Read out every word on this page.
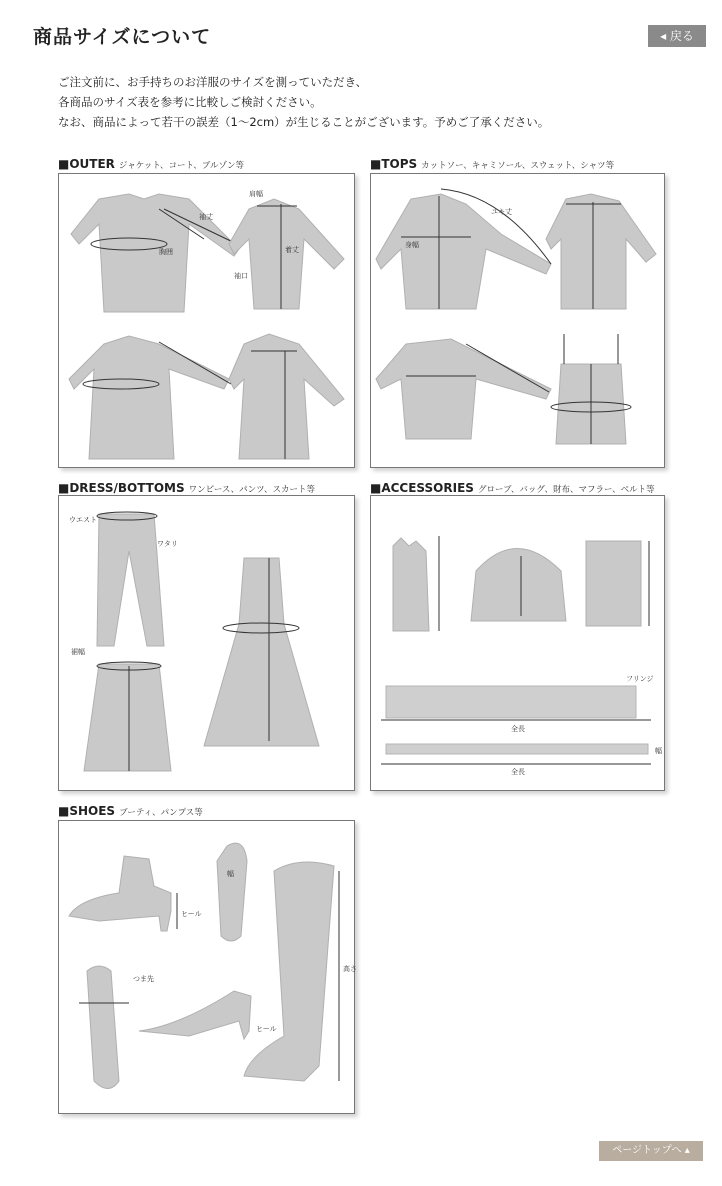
商品サイズについて	◂ 戻る
ご注文前に、お手持ちのお洋服のサイズを測っていただき、
各商品のサイズ表を参考に比較しご検討ください。
なお、商品によって若干の誤差（1〜2cm）が生じることがございます。予めご了承ください。
■OUTER ジャケット、コート、ブルゾン等
袖丈
胸囲
袖口
肩幅
着丈
■TOPS カットソー、キャミソール、スウェット、シャツ等
ユキ丈
身幅
■DRESS/BOTTOMS ワンピース、パンツ、スカート等
ウエスト
ワタリ
裾幅
■ACCESSORIES グローブ、バッグ、財布、マフラー、ベルト等
全長
フリンジ
全長
幅
■SHOES ブーティ、パンプス等
ヒール
幅
つま先
ヒール
高さ
ページトップへ ▴
